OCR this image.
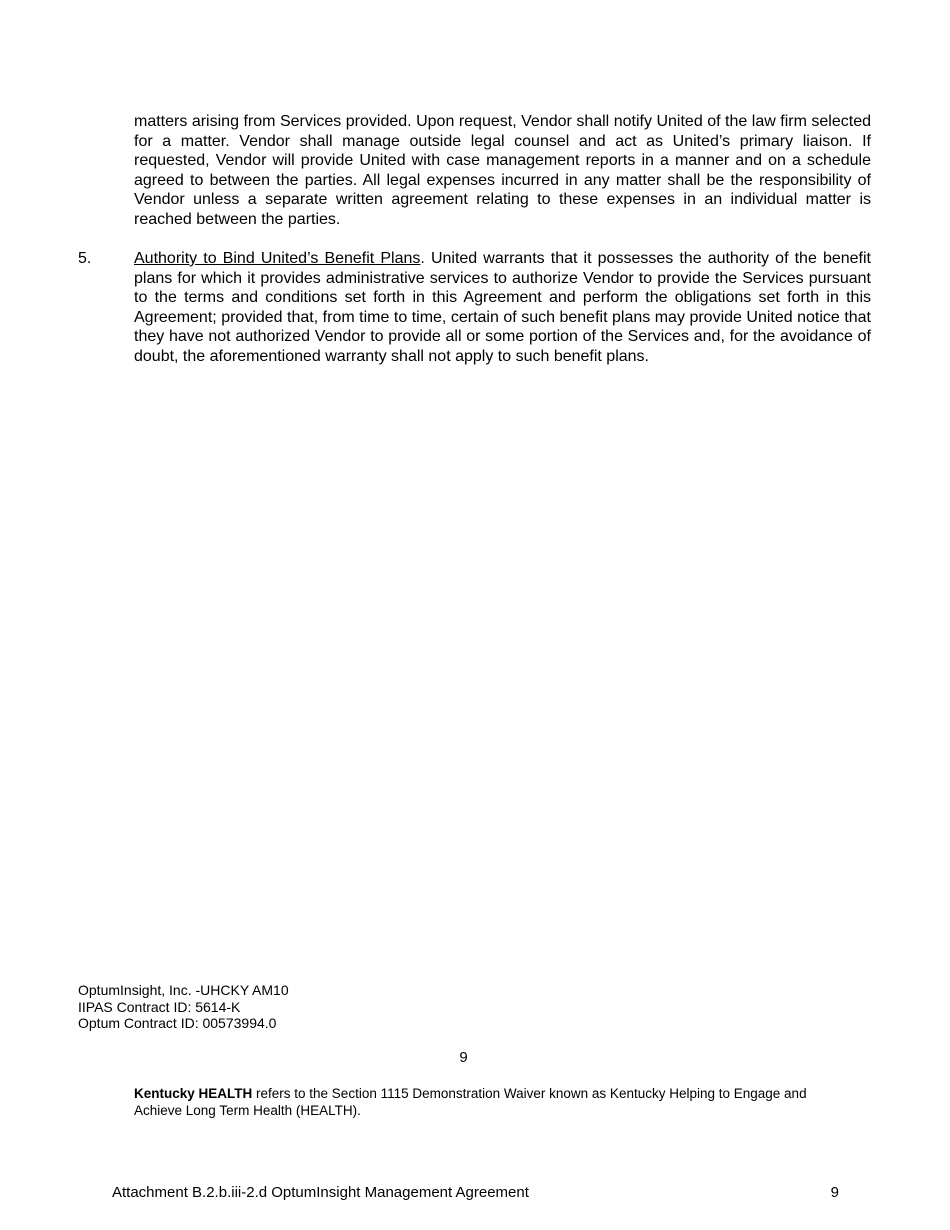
matters arising from Services provided. Upon request, Vendor shall notify United of the law firm selected for a matter. Vendor shall manage outside legal counsel and act as United’s primary liaison. If requested, Vendor will provide United with case management reports in a manner and on a schedule agreed to between the parties. All legal expenses incurred in any matter shall be the responsibility of Vendor unless a separate written agreement relating to these expenses in an individual matter is reached between the parties.

5.	Authority to Bind United’s Benefit Plans. United warrants that it possesses the authority of the benefit plans for which it provides administrative services to authorize Vendor to provide the Services pursuant to the terms and conditions set forth in this Agreement and perform the obligations set forth in this Agreement; provided that, from time to time, certain of such benefit plans may provide United notice that they have not authorized Vendor to provide all or some portion of the Services and, for the avoidance of doubt, the aforementioned warranty shall not apply to such benefit plans.

OptumInsight, Inc. -UHCKY AM10
IIPAS Contract ID: 5614-K
Optum Contract ID: 00573994.0
9
Kentucky HEALTH refers to the Section 1115 Demonstration Waiver known as Kentucky Helping to Engage and Achieve Long Term Health (HEALTH).
Attachment B.2.b.iii-2.d OptumInsight Management Agreement	9
